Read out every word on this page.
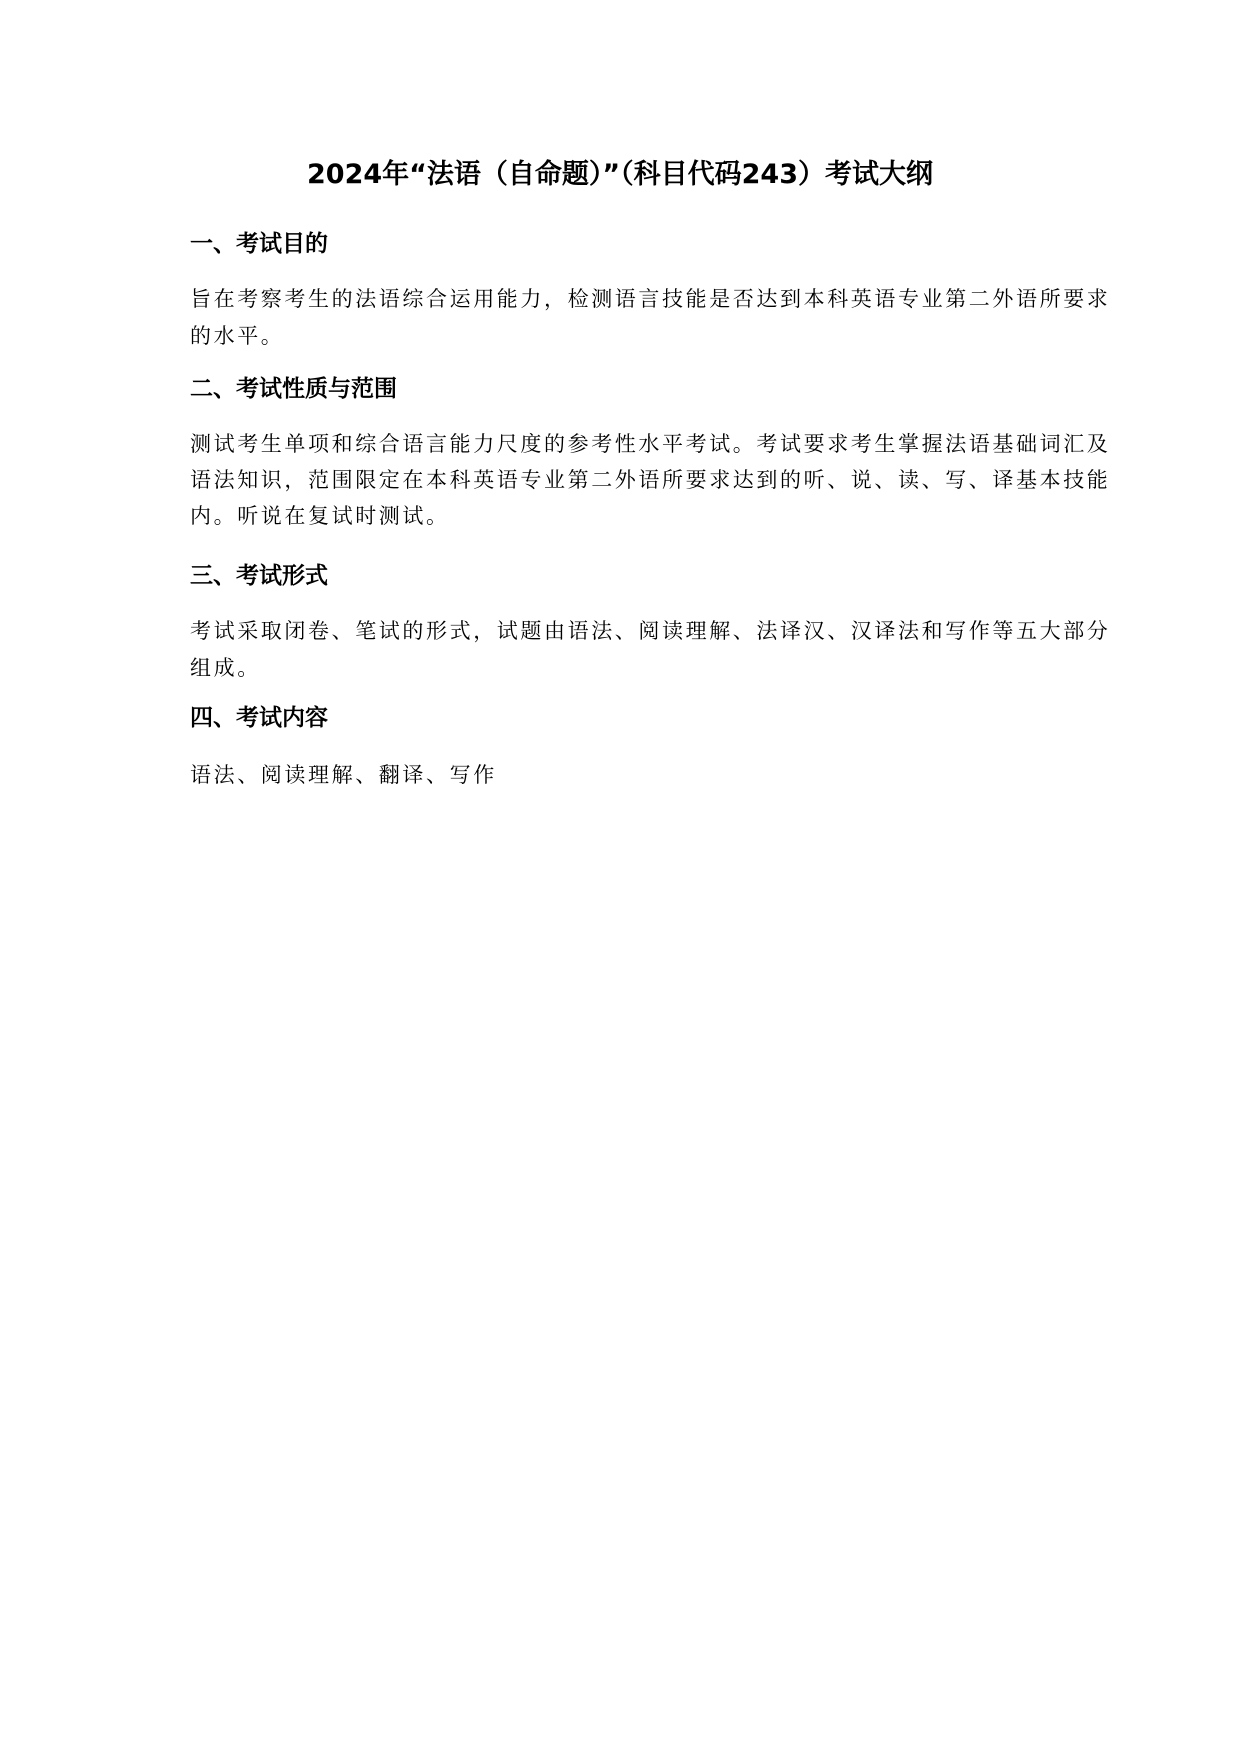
2024年“法语（自命题）”（科目代码243）考试大纲
一、考试目的
旨在考察考生的法语综合运用能力，检测语言技能是否达到本科英语专业第二外语所要求
的水平。
二、考试性质与范围
测试考生单项和综合语言能力尺度的参考性水平考试。考试要求考生掌握法语基础词汇及
语法知识，范围限定在本科英语专业第二外语所要求达到的听、说、读、写、译基本技能
内。听说在复试时测试。
三、考试形式
考试采取闭卷、笔试的形式，试题由语法、阅读理解、法译汉、汉译法和写作等五大部分
组成。
四、考试内容
语法、阅读理解、翻译、写作
